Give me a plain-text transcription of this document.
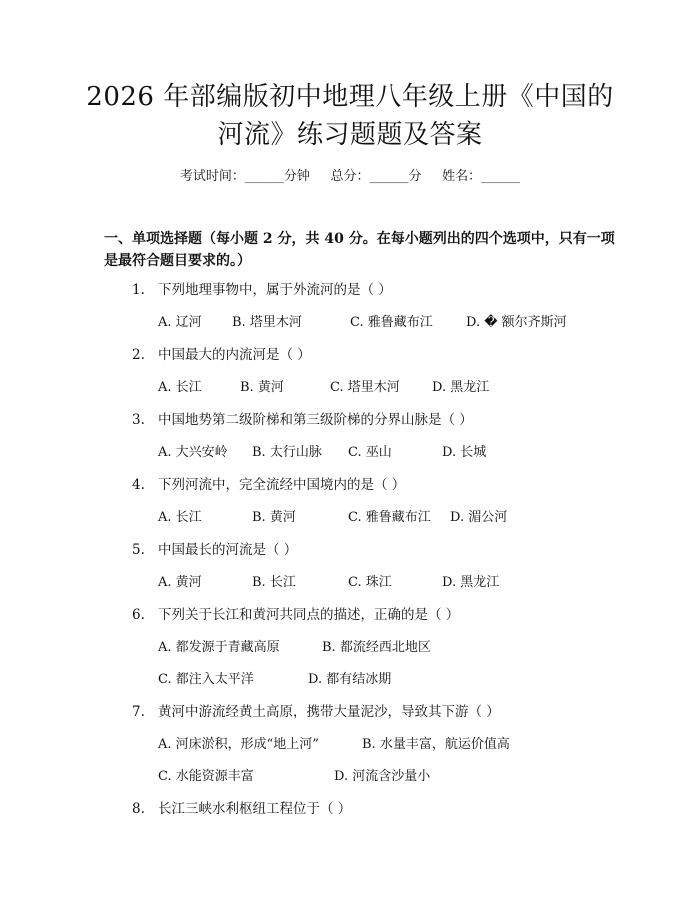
2026 年部编版初中地理八年级上册《中国的
河流》练习题题及答案
考试时间：______分钟     总分：______分     姓名：______
一、单项选择题（每小题 2 分，共 40 分。在每小题列出的四个选项中，只有一项
是最符合题目要求的。）
1. 下列地理事物中，属于外流河的是（ ）
A. 辽河 B. 塔里木河	C. 雅鲁藏布江	D. � 额尔齐斯河
2. 中国最大的内流河是（ ）
A. 长江	B. 黄河	C. 塔里木河 D. 黑龙江
3. 中国地势第二级阶梯和第三级阶梯的分界山脉是（ ）
A. 大兴安岭 B. 太行山脉 C. 巫山	D. 长城
4. 下列河流中，完全流经中国境内的是（ ）
A. 长江	B. 黄河	C. 雅鲁藏布江 D. 湄公河
5. 中国最长的河流是（ ）
A. 黄河	B. 长江	C. 珠江	D. 黑龙江
6. 下列关于长江和黄河共同点的描述，正确的是（ ）
A. 都发源于青藏高原	B. 都流经西北地区
C. 都注入太平洋	D. 都有结冰期
7. 黄河中游流经黄土高原，携带大量泥沙，导致其下游（ ）
A. 河床淤积，形成“地上河”	B. 水量丰富，航运价值高
C. 水能资源丰富	D. 河流含沙量小
8. 长江三峡水利枢纽工程位于（ ）
